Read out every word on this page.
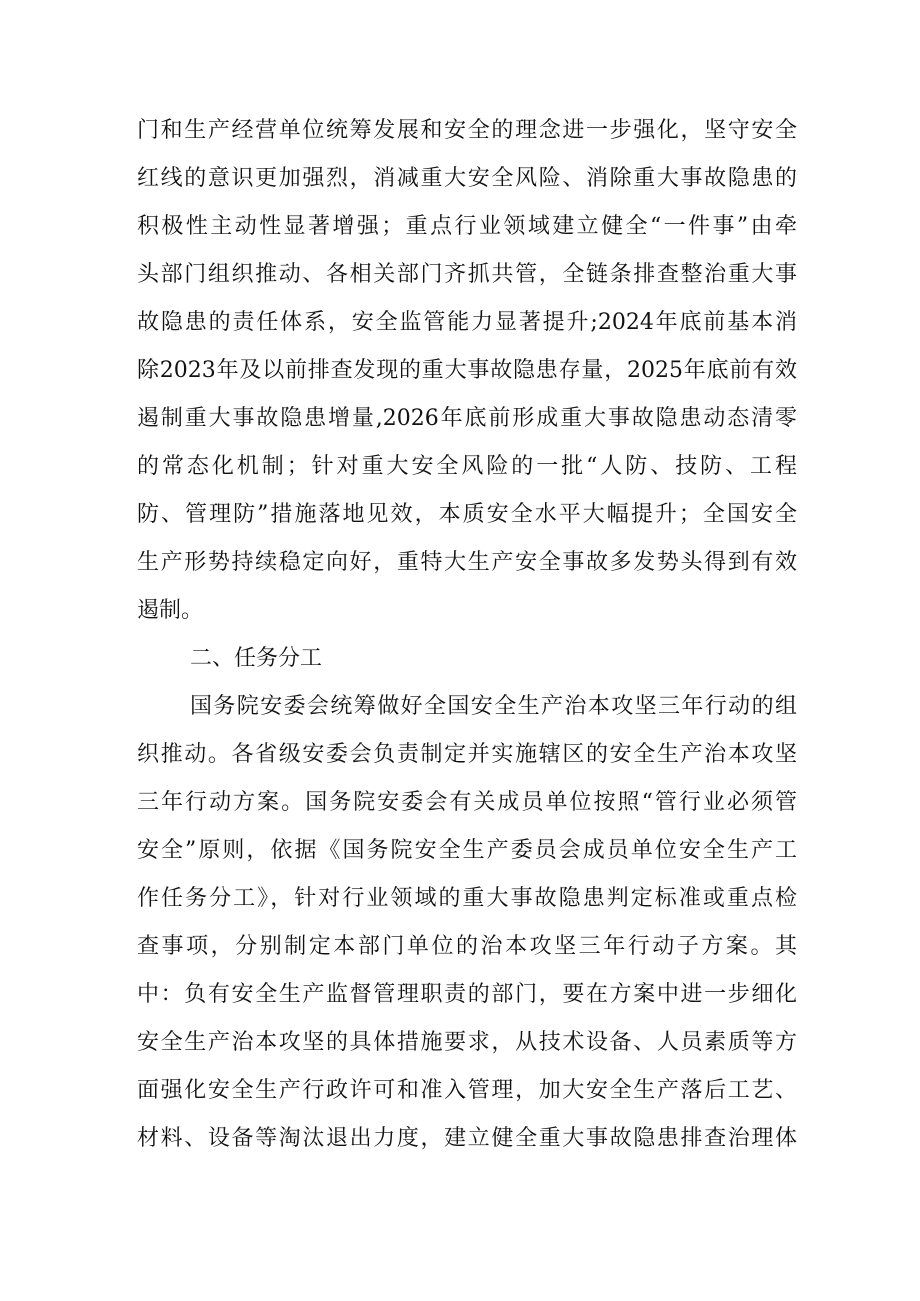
门和生产经营单位统筹发展和安全的理念进一步强化，坚守安全
红线的意识更加强烈，消减重大安全风险、消除重大事故隐患的
积极性主动性显著增强；重点行业领域建立健全“一件事”由牵
头部门组织推动、各相关部门齐抓共管，全链条排查整治重大事
故隐患的责任体系，安全监管能力显著提升;2024年底前基本消
除2023年及以前排查发现的重大事故隐患存量，2025年底前有效
遏制重大事故隐患增量,2026年底前形成重大事故隐患动态清零
的常态化机制；针对重大安全风险的一批“人防、技防、工程
防、管理防”措施落地见效，本质安全水平大幅提升；全国安全
生产形势持续稳定向好，重特大生产安全事故多发势头得到有效
遏制。
二、任务分工
国务院安委会统筹做好全国安全生产治本攻坚三年行动的组
织推动。各省级安委会负责制定并实施辖区的安全生产治本攻坚
三年行动方案。国务院安委会有关成员单位按照“管行业必须管
安全”原则，依据《国务院安全生产委员会成员单位安全生产工
作任务分工》，针对行业领域的重大事故隐患判定标准或重点检
查事项，分别制定本部门单位的治本攻坚三年行动子方案。其
中：负有安全生产监督管理职责的部门，要在方案中进一步细化
安全生产治本攻坚的具体措施要求，从技术设备、人员素质等方
面强化安全生产行政许可和准入管理，加大安全生产落后工艺、
材料、设备等淘汰退出力度，建立健全重大事故隐患排查治理体
